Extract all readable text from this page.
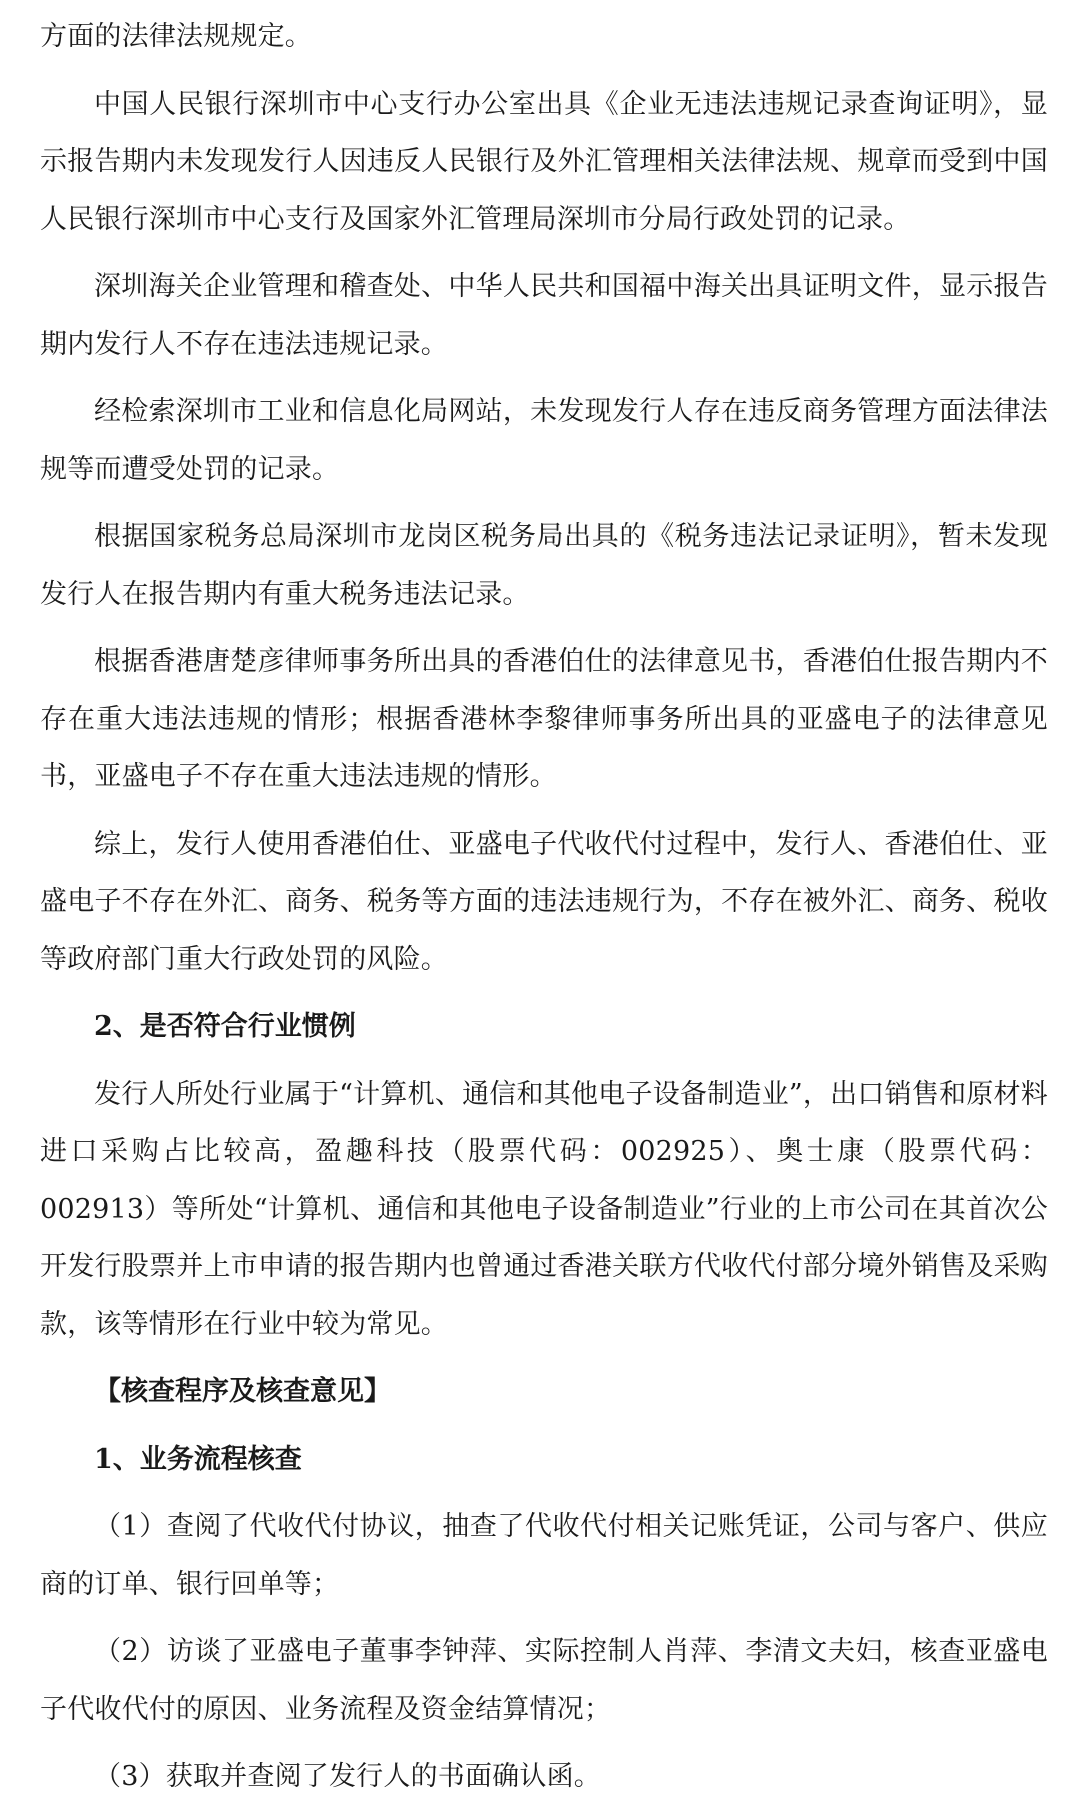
方面的法律法规规定。

中国人民银行深圳市中心支行办公室出具《企业无违法违规记录查询证明》，显示报告期内未发现发行人因违反人民银行及外汇管理相关法律法规、规章而受到中国人民银行深圳市中心支行及国家外汇管理局深圳市分局行政处罚的记录。

深圳海关企业管理和稽查处、中华人民共和国福中海关出具证明文件，显示报告期内发行人不存在违法违规记录。

经检索深圳市工业和信息化局网站，未发现发行人存在违反商务管理方面法律法规等而遭受处罚的记录。

根据国家税务总局深圳市龙岗区税务局出具的《税务违法记录证明》，暂未发现发行人在报告期内有重大税务违法记录。

根据香港唐楚彦律师事务所出具的香港伯仕的法律意见书，香港伯仕报告期内不存在重大违法违规的情形；根据香港林李黎律师事务所出具的亚盛电子的法律意见书，亚盛电子不存在重大违法违规的情形。

综上，发行人使用香港伯仕、亚盛电子代收代付过程中，发行人、香港伯仕、亚盛电子不存在外汇、商务、税务等方面的违法违规行为，不存在被外汇、商务、税收等政府部门重大行政处罚的风险。

2、是否符合行业惯例

发行人所处行业属于“计算机、通信和其他电子设备制造业”，出口销售和原材料进口采购占比较高，盈趣科技（股票代码：002925）、奥士康（股票代码：002913）等所处“计算机、通信和其他电子设备制造业”行业的上市公司在其首次公开发行股票并上市申请的报告期内也曾通过香港关联方代收代付部分境外销售及采购款，该等情形在行业中较为常见。

【核查程序及核查意见】

1、业务流程核查

（1）查阅了代收代付协议，抽查了代收代付相关记账凭证，公司与客户、供应商的订单、银行回单等；

（2）访谈了亚盛电子董事李钟萍、实际控制人肖萍、李清文夫妇，核查亚盛电子代收代付的原因、业务流程及资金结算情况；

（3）获取并查阅了发行人的书面确认函。
